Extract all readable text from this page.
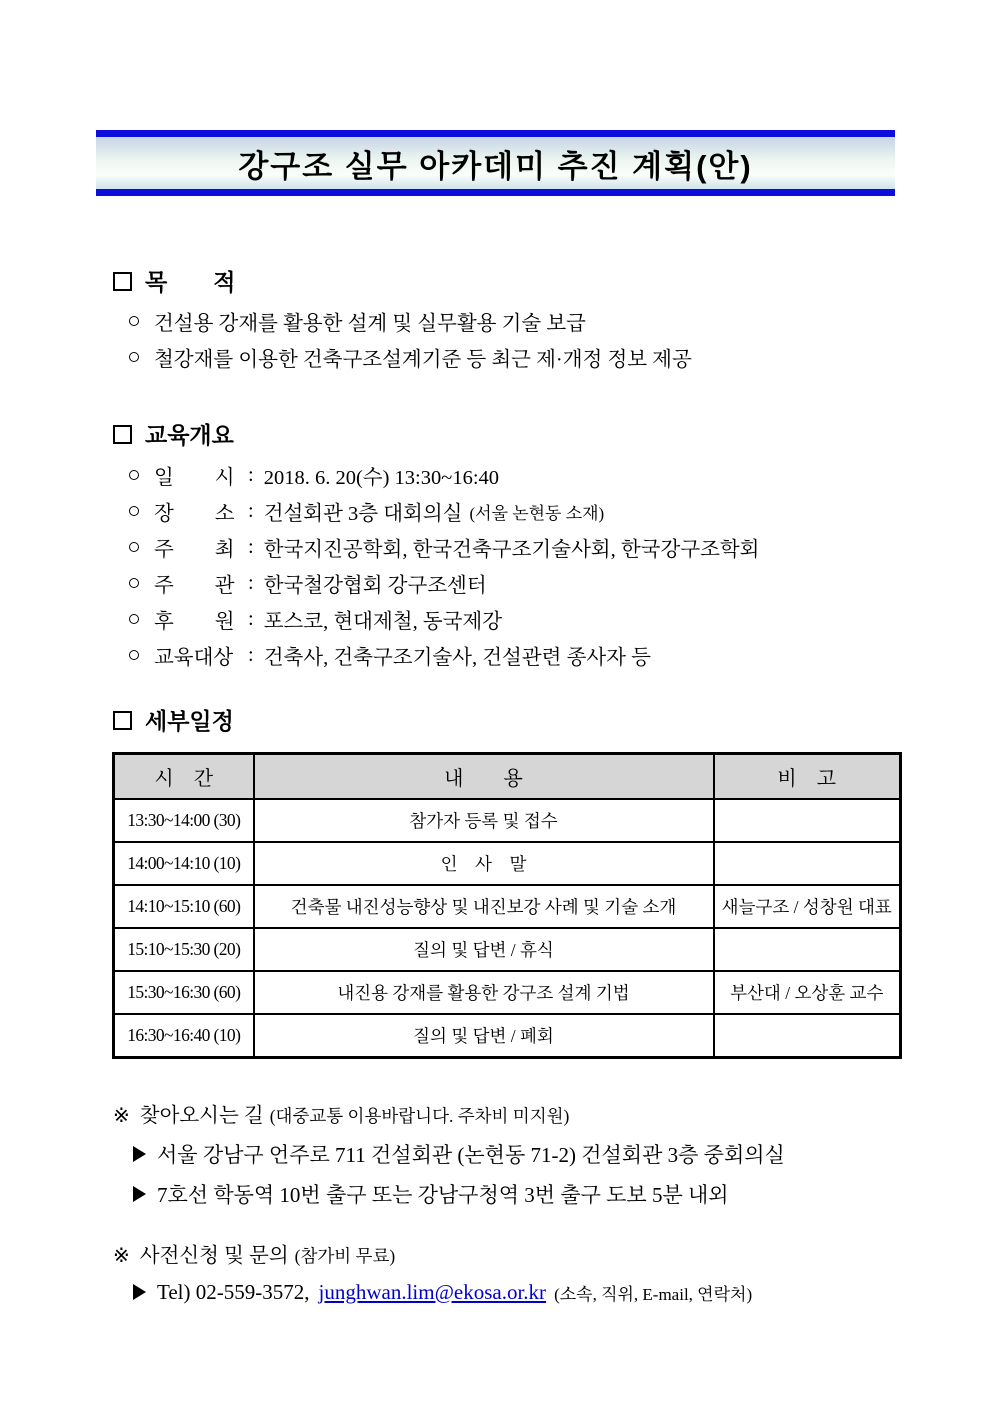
강구조 실무 아카데미 추진 계획(안)
목　　적
건설용 강재를 활용한 설계 및 실무활용 기술 보급
철강재를 이용한 건축구조설계기준 등 최근 제·개정 정보 제공
교육개요
일　　시 : 2018. 6. 20(수) 13:30~16:40
장　　소 : 건설회관 3층 대회의실 (서울 논현동 소재)
주　　최 : 한국지진공학회, 한국건축구조기술사회, 한국강구조학회
주　　관 : 한국철강협회 강구조센터
후　　원 : 포스코, 현대제철, 동국제강
교육대상 : 건축사, 건축구조기술사, 건설관련 종사자 등
세부일정
시　간	내　　용	비　고
13:30~14:00 (30)	참가자 등록 및 접수	
14:00~14:10 (10)	인　사　말	
14:10~15:10 (60)	건축물 내진성능향상 및 내진보강 사례 및 기술 소개	새늘구조 / 성창원 대표
15:10~15:30 (20)	질의 및 답변 / 휴식	
15:30~16:30 (60)	내진용 강재를 활용한 강구조 설계 기법	부산대 / 오상훈 교수
16:30~16:40 (10)	질의 및 답변 / 폐회	
※ 찾아오시는 길 (대중교통 이용바랍니다. 주차비 미지원)
서울 강남구 언주로 711 건설회관 (논현동 71-2) 건설회관 3층 중회의실
7호선 학동역 10번 출구 또는 강남구청역 3번 출구 도보 5분 내외
※ 사전신청 및 문의 (참가비 무료)
Tel) 02-559-3572, junghwan.lim@ekosa.or.kr (소속, 직위, E-mail, 연락처)
